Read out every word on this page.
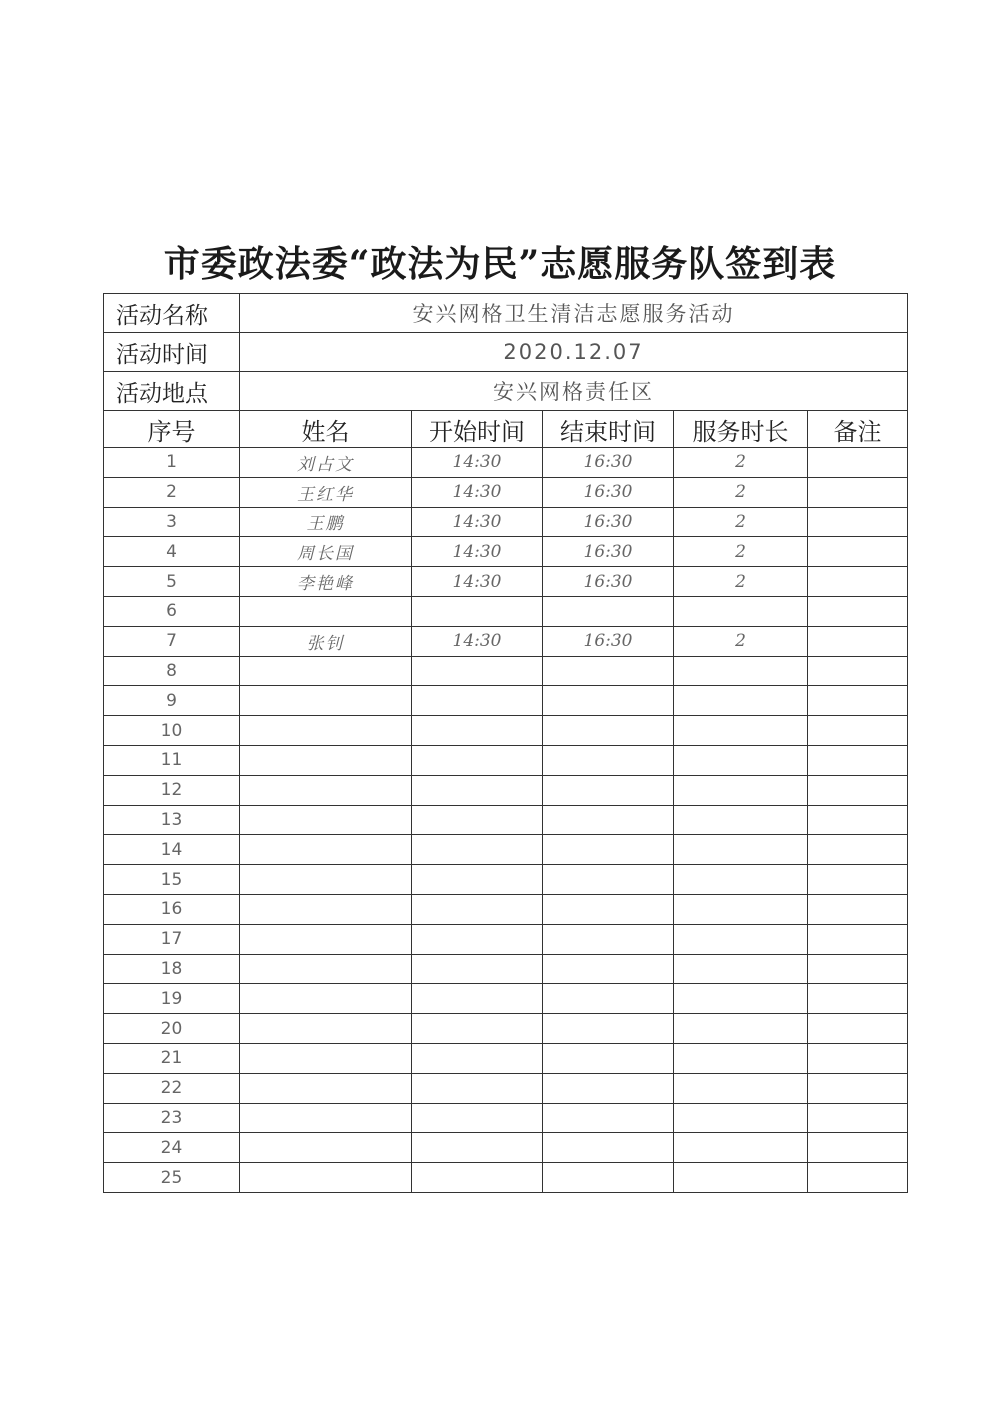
市委政法委“政法为民”志愿服务队签到表
活动名称	安兴网格卫生清洁志愿服务活动				
活动时间	2020.12.07				
活动地点	安兴网格责任区				
序号	姓名	开始时间	结束时间	服务时长	备注
1	刘占文	14:30	16:30	2	
2	王红华	14:30	16:30	2	
3	王鹏	14:30	16:30	2	
4	周长国	14:30	16:30	2	
5	李艳峰	14:30	16:30	2	
6					
7	张钊	14:30	16:30	2	
8					
9					
10					
11					
12					
13					
14					
15					
16					
17					
18					
19					
20					
21					
22					
23					
24					
25					
